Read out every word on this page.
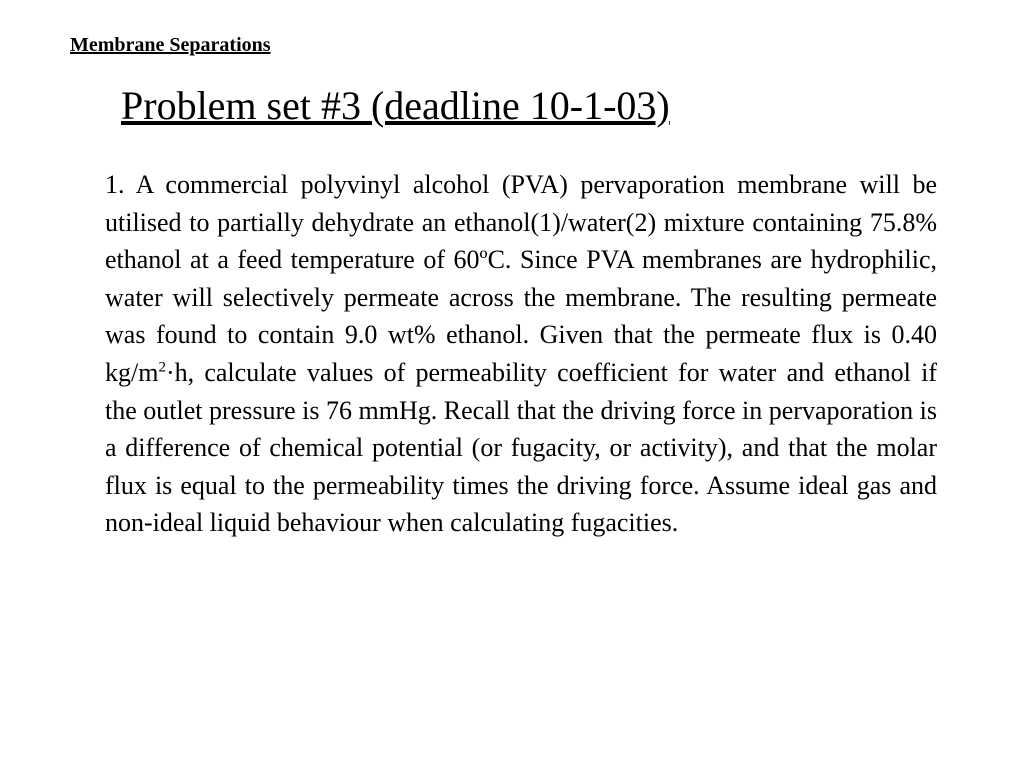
Membrane Separations
Problem set #3 (deadline 10-1-03)

1. A commercial polyvinyl alcohol (PVA) pervaporation membrane will be utilised to partially dehydrate an ethanol(1)/water(2) mixture containing 75.8% ethanol at a feed temperature of 60ºC. Since PVA membranes are hydrophilic, water will selectively permeate across the membrane. The resulting permeate was found to contain 9.0 wt% ethanol. Given that the permeate flux is 0.40 $kg/m^2\cdot h$, calculate values of permeability coefficient for water and ethanol if the outlet pressure is 76 mmHg. Recall that the driving force in pervaporation is a difference of chemical potential (or fugacity, or activity), and that the molar flux is equal to the permeability times the driving force. Assume ideal gas and non-ideal liquid behaviour when calculating fugacities.
